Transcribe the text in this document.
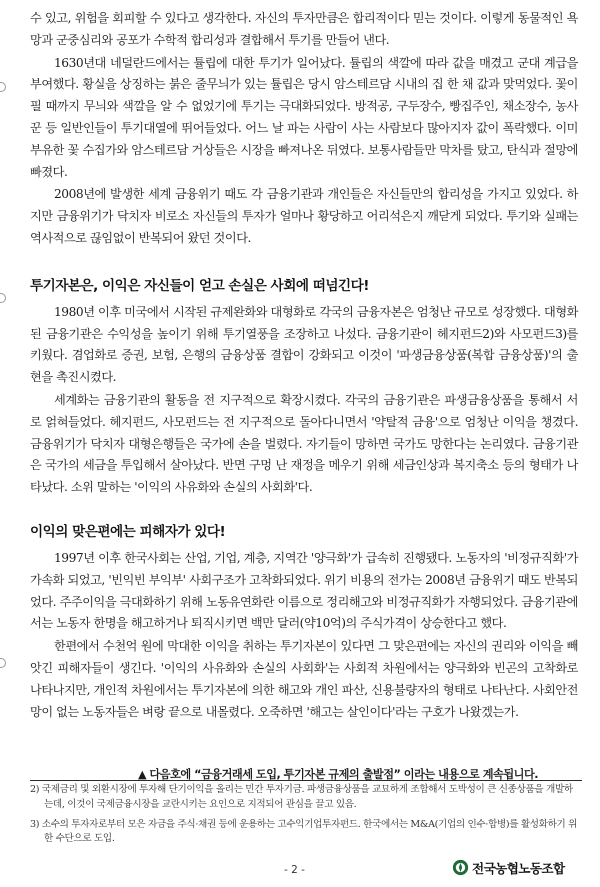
수 있고, 위험을 회피할 수 있다고 생각한다. 자신의 투자만큼은 합리적이다 믿는 것이다. 이렇게 동물적인 욕망과 군중심리와 공포가 수학적 합리성과 결합해서 투기를 만들어 낸다.

1630년대 네덜란드에서는 튤립에 대한 투기가 일어났다. 튤립의 색깔에 따라 값을 매겼고 군대 계급을 부여했다. 황실을 상징하는 붉은 줄무늬가 있는 튤립은 당시 암스테르담 시내의 집 한 채 값과 맞먹었다. 꽃이 필 때까지 무늬와 색깔을 알 수 없었기에 투기는 극대화되었다. 방적공, 구두장수, 빵집주인, 채소장수, 농사꾼 등 일반인들이 투기대열에 뛰어들었다. 어느 날 파는 사람이 사는 사람보다 많아지자 값이 폭락했다. 이미 부유한 꽃 수집가와 암스테르담 거상들은 시장을 빠져나온 뒤였다. 보통사람들만 막차를 탔고, 탄식과 절망에 빠졌다.

2008년에 발생한 세계 금융위기 때도 각 금융기관과 개인들은 자신들만의 합리성을 가지고 있었다. 하지만 금융위기가 닥치자 비로소 자신들의 투자가 얼마나 황당하고 어리석은지 깨닫게 되었다. 투기와 실패는 역사적으로 끊임없이 반복되어 왔던 것이다.

투기자본은, 이익은 자신들이 얻고 손실은 사회에 떠넘긴다!

1980년 이후 미국에서 시작된 규제완화와 대형화로 각국의 금융자본은 엄청난 규모로 성장했다. 대형화된 금융기관은 수익성을 높이기 위해 투기열풍을 조장하고 나섰다. 금융기관이 헤지펀드2)와 사모펀드3)를 키웠다. 겸업화로 증권, 보험, 은행의 금융상품 결합이 강화되고 이것이 '파생금융상품(복합 금융상품)'의 출현을 촉진시켰다.

세계화는 금융기관의 활동을 전 지구적으로 확장시켰다. 각국의 금융기관은 파생금융상품을 통해서 서로 얽혀들었다. 헤지펀드, 사모펀드는 전 지구적으로 돌아다니면서 '약탈적 금융'으로 엄청난 이익을 챙겼다. 금융위기가 닥치자 대형은행들은 국가에 손을 벌렸다. 자기들이 망하면 국가도 망한다는 논리였다. 금융기관은 국가의 세금을 투입해서 살아났다. 반면 구멍 난 재정을 메우기 위해 세금인상과 복지축소 등의 형태가 나타났다. 소위 말하는 '이익의 사유화와 손실의 사회화'다.

이익의 맞은편에는 피해자가 있다!

1997년 이후 한국사회는 산업, 기업, 계층, 지역간 '양극화'가 급속히 진행됐다. 노동자의 '비정규직화'가 가속화 되었고, '빈익빈 부익부' 사회구조가 고착화되었다. 위기 비용의 전가는 2008년 금융위기 때도 반복되었다. 주주이익을 극대화하기 위해 노동유연화란 이름으로 정리해고와 비정규직화가 자행되었다. 금융기관에서는 노동자 한명을 해고하거나 퇴직시키면 백만 달러(약10억)의 주식가격이 상승한다고 했다.

한편에서 수천억 원에 막대한 이익을 취하는 투기자본이 있다면 그 맞은편에는 자신의 권리와 이익을 빼앗긴 피해자들이 생긴다. '이익의 사유화와 손실의 사회화'는 사회적 차원에서는 양극화와 빈곤의 고착화로 나타나지만, 개인적 차원에서는 투기자본에 의한 해고와 개인 파산, 신용불량자의 형태로 나타난다. 사회안전망이 없는 노동자들은 벼랑 끝으로 내몰렸다. 오죽하면 '해고는 살인이다'라는 구호가 나왔겠는가.

▲ 다음호에 “금융거래세 도입, 투기자본 규제의 출발점” 이라는 내용으로 계속됩니다.

2) 국제금리 및 외환시장에 투자해 단기이익을 올리는 민간 투자기금. 파생금융상품을 교묘하게 조합해서 도박성이 큰 신종상품을 개발하는데, 이것이 국제금융시장을 교란시키는 요인으로 지적되어 관심을 끌고 있음.

3) 소수의 투자자로부터 모은 자금을 주식·채권 등에 운용하는 고수익기업투자펀드. 한국에서는 M&A(기업의 인수·합병)를 활성화하기 위한 수단으로 도입.

- 2 -	전국농협노동조합
